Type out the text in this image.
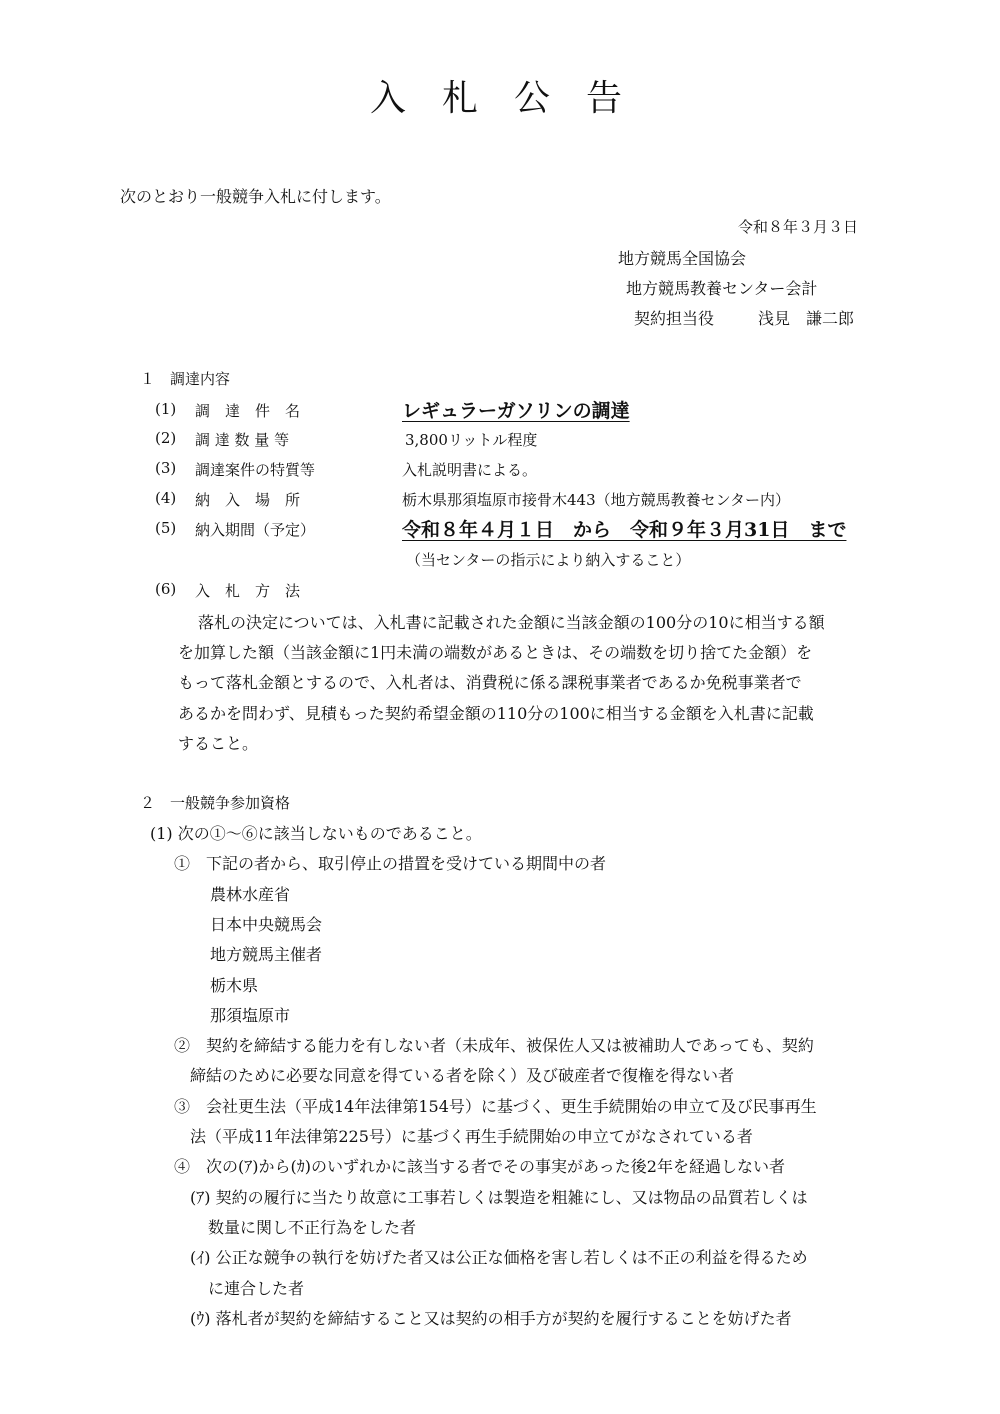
入　札　公　告
次のとおり一般競争入札に付します。
令和８年３月３日
地方競馬全国協会
地方競馬教養センター会計
契約担当役	浅見　謙二郎
１　調達内容
(1) 調　達　件　名	レギュラーガソリンの調達
(2) 調 達 数 量 等	3,800リットル程度
(3) 調達案件の特質等	入札説明書による。
(4) 納　入　場　所	栃木県那須塩原市接骨木443（地方競馬教養センター内）
(5) 納入期間（予定）	令和８年４月１日　から　令和９年３月31日　まで
（当センターの指示により納入すること）
(6) 入　札　方　法
落札の決定については、入札書に記載された金額に当該金額の100分の10に相当する額
を加算した額（当該金額に1円未満の端数があるときは、その端数を切り捨てた金額）を
もって落札金額とするので、入札者は、消費税に係る課税事業者であるか免税事業者で
あるかを問わず、見積もった契約希望金額の110分の100に相当する金額を入札書に記載
すること。
２　一般競争参加資格
(1) 次の①～⑥に該当しないものであること。
①　下記の者から、取引停止の措置を受けている期間中の者
農林水産省
日本中央競馬会
地方競馬主催者
栃木県
那須塩原市
②　契約を締結する能力を有しない者（未成年、被保佐人又は被補助人であっても、契約
締結のために必要な同意を得ている者を除く）及び破産者で復権を得ない者
③　会社更生法（平成14年法律第154号）に基づく、更生手続開始の申立て及び民事再生
法（平成11年法律第225号）に基づく再生手続開始の申立てがなされている者
④　次の(ｱ)から(ｶ)のいずれかに該当する者でその事実があった後2年を経過しない者
(ｱ) 契約の履行に当たり故意に工事若しくは製造を粗雑にし、又は物品の品質若しくは
数量に関し不正行為をした者
(ｲ) 公正な競争の執行を妨げた者又は公正な価格を害し若しくは不正の利益を得るため
に連合した者
(ｳ) 落札者が契約を締結すること又は契約の相手方が契約を履行することを妨げた者
